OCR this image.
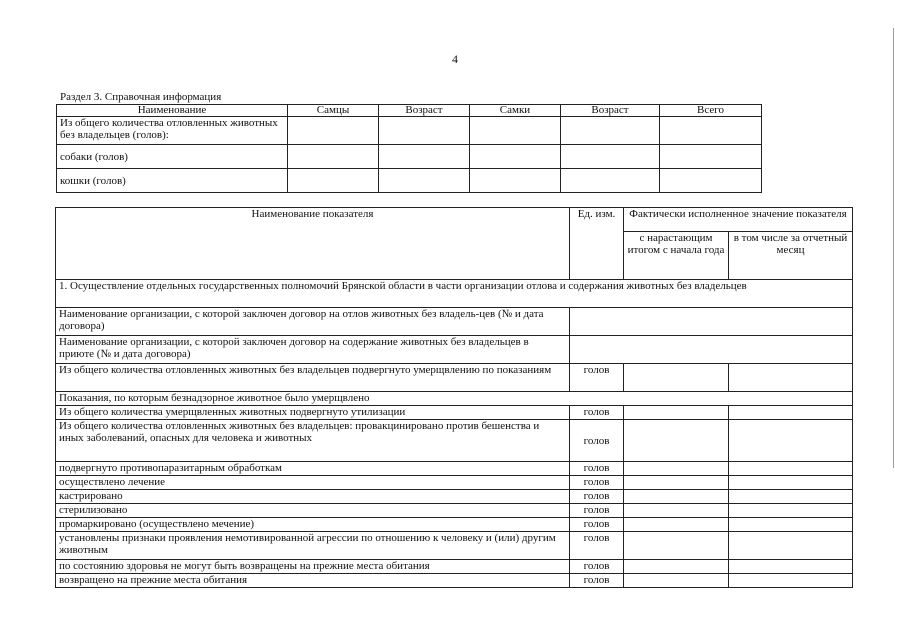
4
Раздел 3. Справочная информация
Наименование	Самцы	Возраст	Самки	Возраст	Всего
Из общего количества отловленных животных без владельцев (голов):					
собаки (голов)					
кошки (голов)					
Наименование показателя	Ед. изм.	Фактически исполненное значение показателя	
		с нарастающим итогом с начала года	в том числе за отчетный месяц
1. Осуществление отдельных государственных полномочий Брянской области в части организации отлова и содержания животных без владельцев			
Наименование организации, с которой заключен договор на отлов животных без владель-цев (№ и дата договора)			
Наименование организации, с которой заключен договор на содержание животных без владельцев в приюте (№ и дата договора)			
Из общего количества отловленных животных без владельцев подвергнуто умерщвлению по показаниям	голов		
Показания, по которым безнадзорное животное было умерщвлено			
Из общего количества умерщвленных животных подвергнуто утилизации	голов		
Из общего количества отловленных животных без владельцев: провакцинировано против бешенства и иных заболеваний, опасных для человека и животных	голов		
подвергнуто противопаразитарным обработкам	голов		
осуществлено лечение	голов		
кастрировано	голов		
стерилизовано	голов		
промаркировано (осуществлено мечение)	голов		
установлены признаки проявления немотивированной агрессии по отношению к человеку и (или) другим животным	голов		
по состоянию здоровья не могут быть возвращены на прежние места обитания	голов		
возвращено на прежние места обитания	голов		
